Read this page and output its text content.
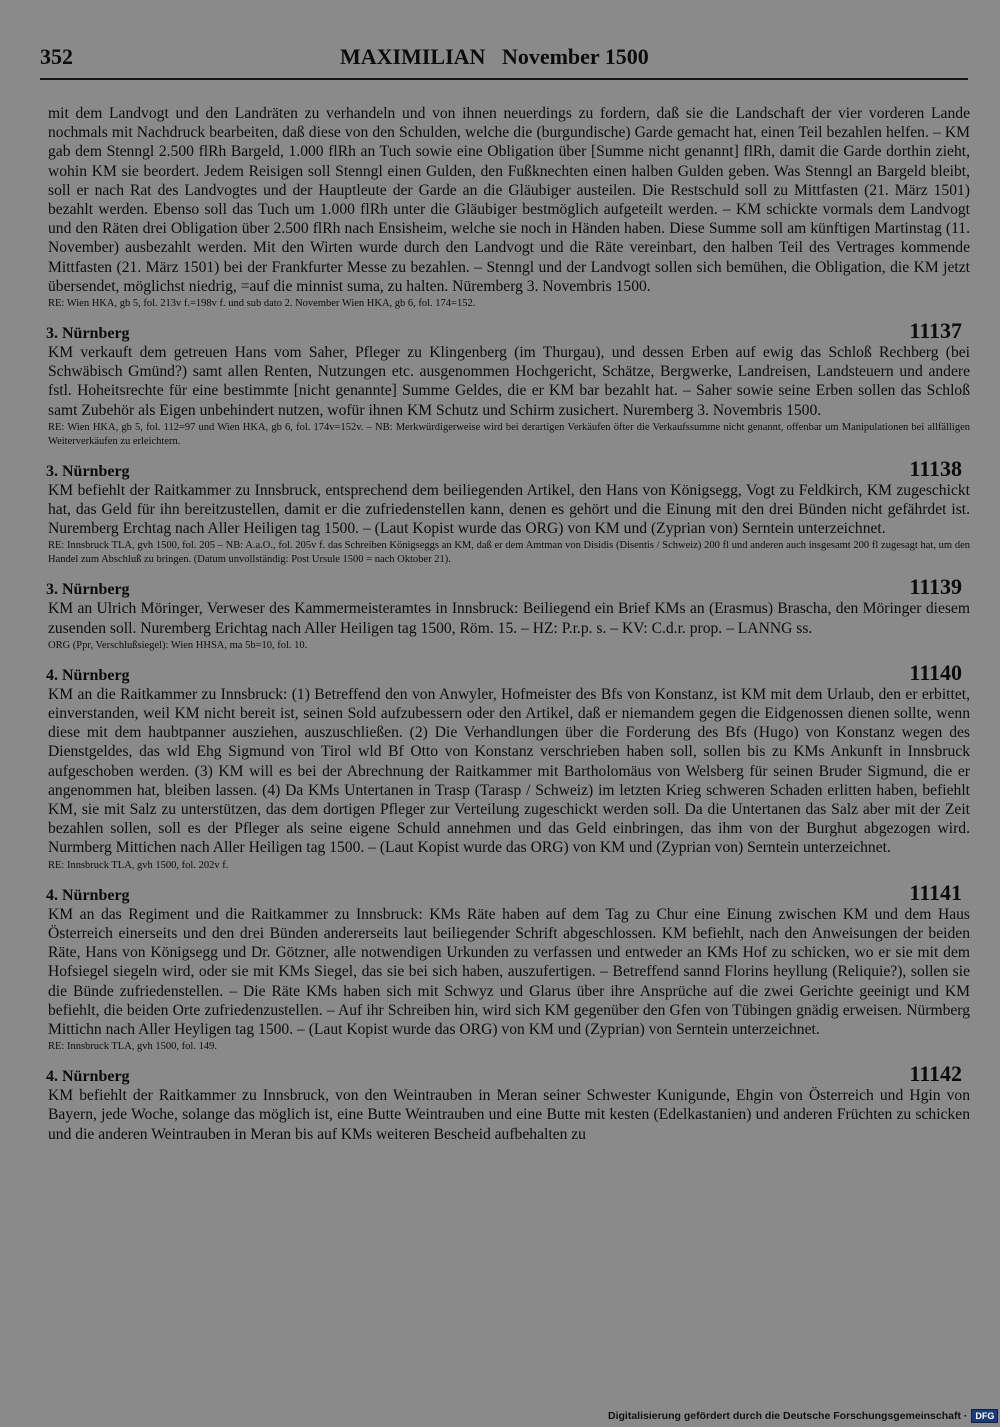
352	MAXIMILIAN   November 1500

mit dem Landvogt und den Landräten zu verhandeln und von ihnen neuerdings zu fordern, daß sie die Landschaft der vier vorderen Lande nochmals mit Nachdruck bearbeiten, daß diese von den Schulden, welche die (burgundische) Garde gemacht hat, einen Teil bezahlen helfen. – KM gab dem Stenngl 2.500 flRh Bargeld, 1.000 flRh an Tuch sowie eine Obligation über [Summe nicht genannt] flRh, damit die Garde dorthin zieht, wohin KM sie beordert. Jedem Reisigen soll Stenngl einen Gulden, den Fußknechten einen halben Gulden geben. Was Stenngl an Bargeld bleibt, soll er nach Rat des Landvogtes und der Hauptleute der Garde an die Gläubiger austeilen. Die Restschuld soll zu Mittfasten (21. März 1501) bezahlt werden. Ebenso soll das Tuch um 1.000 flRh unter die Gläubiger bestmöglich aufgeteilt werden. – KM schickte vormals dem Landvogt und den Räten drei Obligation über 2.500 flRh nach Ensisheim, welche sie noch in Händen haben. Diese Summe soll am künftigen Martinstag (11. November) ausbezahlt werden. Mit den Wirten wurde durch den Landvogt und die Räte vereinbart, den halben Teil des Vertrages kommende Mittfasten (21. März 1501) bei der Frankfurter Messe zu bezahlen. – Stenngl und der Landvogt sollen sich bemühen, die Obligation, die KM jetzt übersendet, möglichst niedrig, =auf die minnist suma, zu halten. Nüremberg 3. Novembris 1500.

RE: Wien HKA, gb 5, fol. 213v f.=198v f. und sub dato 2. November Wien HKA, gb 6, fol. 174=152.
3. Nürnberg	11137

KM verkauft dem getreuen Hans vom Saher, Pfleger zu Klingenberg (im Thurgau), und dessen Erben auf ewig das Schloß Rechberg (bei Schwäbisch Gmünd?) samt allen Renten, Nutzungen etc. ausgenommen Hochgericht, Schätze, Bergwerke, Landreisen, Landsteuern und andere fstl. Hoheitsrechte für eine bestimmte [nicht genannte] Summe Geldes, die er KM bar bezahlt hat. – Saher sowie seine Erben sollen das Schloß samt Zubehör als Eigen unbehindert nutzen, wofür ihnen KM Schutz und Schirm zusichert. Nuremberg 3. Novembris 1500.

RE: Wien HKA, gb 5, fol. 112=97 und Wien HKA, gb 6, fol. 174v=152v. – NB: Merkwürdigerweise wird bei derartigen Verkäufen öfter die Verkaufssumme nicht genannt, offenbar um Manipulationen bei allfälligen Weiterverkäufen zu erleichtern.
3. Nürnberg	11138

KM befiehlt der Raitkammer zu Innsbruck, entsprechend dem beiliegenden Artikel, den Hans von Königsegg, Vogt zu Feldkirch, KM zugeschickt hat, das Geld für ihn bereitzustellen, damit er die zufriedenstellen kann, denen es gehört und die Einung mit den drei Bünden nicht gefährdet ist. Nuremberg Erchtag nach Aller Heiligen tag 1500. – (Laut Kopist wurde das ORG) von KM und (Zyprian von) Serntein unterzeichnet.

RE: Innsbruck TLA, gvh 1500, fol. 205 – NB: A.a.O., fol. 205v f. das Schreiben Königseggs an KM, daß er dem Amtman von Disidis (Disentis / Schweiz) 200 fl und anderen auch insgesamt 200 fl zugesagt hat, um den Handel zum Abschluß zu bringen. (Datum unvollständig: Post Ursule 1500 = nach Oktober 21).
3. Nürnberg	11139

KM an Ulrich Möringer, Verweser des Kammermeisteramtes in Innsbruck: Beiliegend ein Brief KMs an (Erasmus) Brascha, den Möringer diesem zusenden soll. Nuremberg Erichtag nach Aller Heiligen tag 1500, Röm. 15. – HZ: P.r.p. s. – KV: C.d.r. prop. – LANNG ss.

ORG (Ppr, Verschlußsiegel): Wien HHSA, ma 5b=10, fol. 10.
4. Nürnberg	11140

KM an die Raitkammer zu Innsbruck: (1) Betreffend den von Anwyler, Hofmeister des Bfs von Konstanz, ist KM mit dem Urlaub, den er erbittet, einverstanden, weil KM nicht bereit ist, seinen Sold aufzubessern oder den Artikel, daß er niemandem gegen die Eidgenossen dienen sollte, wenn diese mit dem haubtpanner ausziehen, auszuschließen. (2) Die Verhandlungen über die Forderung des Bfs (Hugo) von Konstanz wegen des Dienstgeldes, das wld Ehg Sigmund von Tirol wld Bf Otto von Konstanz verschrieben haben soll, sollen bis zu KMs Ankunft in Innsbruck aufgeschoben werden. (3) KM will es bei der Abrechnung der Raitkammer mit Bartholomäus von Welsberg für seinen Bruder Sigmund, die er angenommen hat, bleiben lassen. (4) Da KMs Untertanen in Trasp (Tarasp / Schweiz) im letzten Krieg schweren Schaden erlitten haben, befiehlt KM, sie mit Salz zu unterstützen, das dem dortigen Pfleger zur Verteilung zugeschickt werden soll. Da die Untertanen das Salz aber mit der Zeit bezahlen sollen, soll es der Pfleger als seine eigene Schuld annehmen und das Geld einbringen, das ihm von der Burghut abgezogen wird. Nurmberg Mittichen nach Aller Heiligen tag 1500. – (Laut Kopist wurde das ORG) von KM und (Zyprian von) Serntein unterzeichnet.

RE: Innsbruck TLA, gvh 1500, fol. 202v f.
4. Nürnberg	11141

KM an das Regiment und die Raitkammer zu Innsbruck: KMs Räte haben auf dem Tag zu Chur eine Einung zwischen KM und dem Haus Österreich einerseits und den drei Bünden andererseits laut beiliegender Schrift abgeschlossen. KM befiehlt, nach den Anweisungen der beiden Räte, Hans von Königsegg und Dr. Götzner, alle notwendigen Urkunden zu verfassen und entweder an KMs Hof zu schicken, wo er sie mit dem Hofsiegel siegeln wird, oder sie mit KMs Siegel, das sie bei sich haben, auszufertigen. – Betreffend sannd Florins heyllung (Reliquie?), sollen sie die Bünde zufriedenstellen. – Die Räte KMs haben sich mit Schwyz und Glarus über ihre Ansprüche auf die zwei Gerichte geeinigt und KM befiehlt, die beiden Orte zufriedenzustellen. – Auf ihr Schreiben hin, wird sich KM gegenüber den Gfen von Tübingen gnädig erweisen. Nürmberg Mittichn nach Aller Heyligen tag 1500. – (Laut Kopist wurde das ORG) von KM und (Zyprian) von Serntein unterzeichnet.

RE: Innsbruck TLA, gvh 1500, fol. 149.
4. Nürnberg	11142

KM befiehlt der Raitkammer zu Innsbruck, von den Weintrauben in Meran seiner Schwester Kunigunde, Ehgin von Österreich und Hgin von Bayern, jede Woche, solange das möglich ist, eine Butte Weintrauben und eine Butte mit kesten (Edelkastanien) und anderen Früchten zu schicken und die anderen Weintrauben in Meran bis auf KMs weiteren Bescheid aufbehalten zu

Digitalisierung gefördert durch die Deutsche Forschungsgemeinschaft · DFG
